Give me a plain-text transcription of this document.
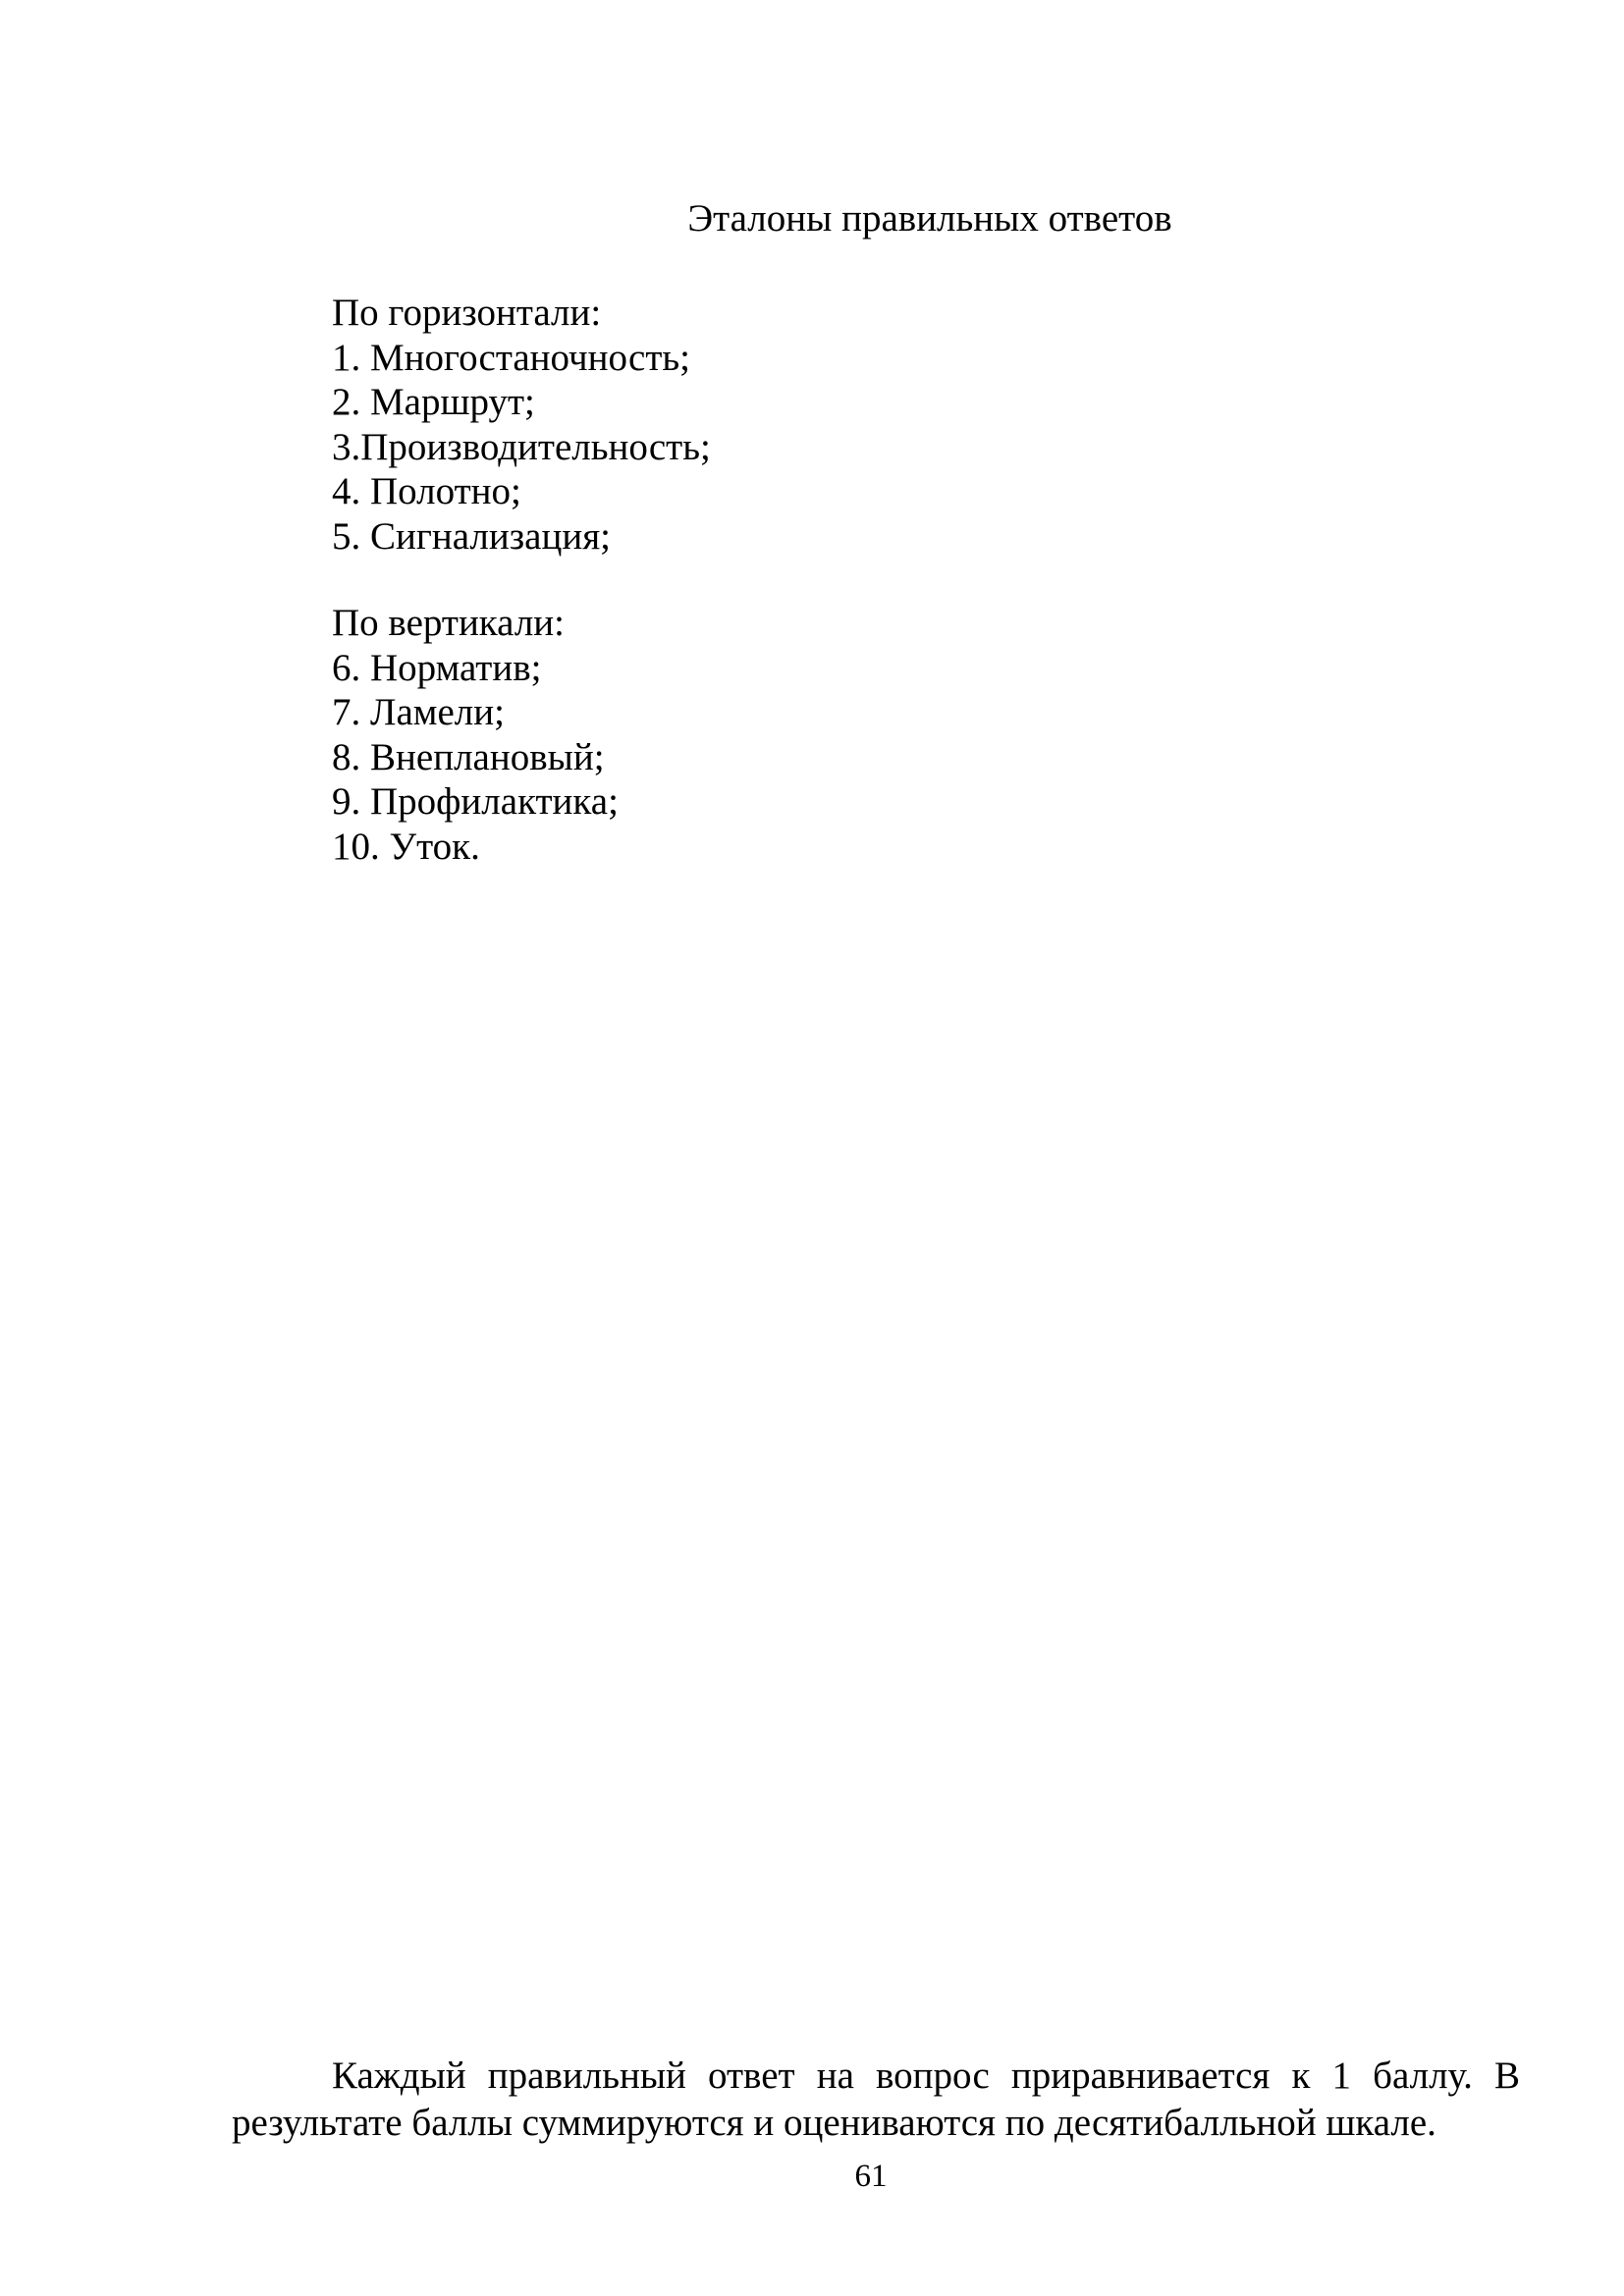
Эталоны правильных ответов
По горизонтали:
1. Многостаночность;
2. Маршрут;
3.Производительность;
4. Полотно;
5. Сигнализация;
По вертикали:
6. Норматив;
7. Ламели;
8. Внеплановый;
9. Профилактика;
10. Уток.
Каждый правильный ответ на вопрос приравнивается к 1 баллу. В результате баллы суммируются и оцениваются по десятибалльной шкале.
61
